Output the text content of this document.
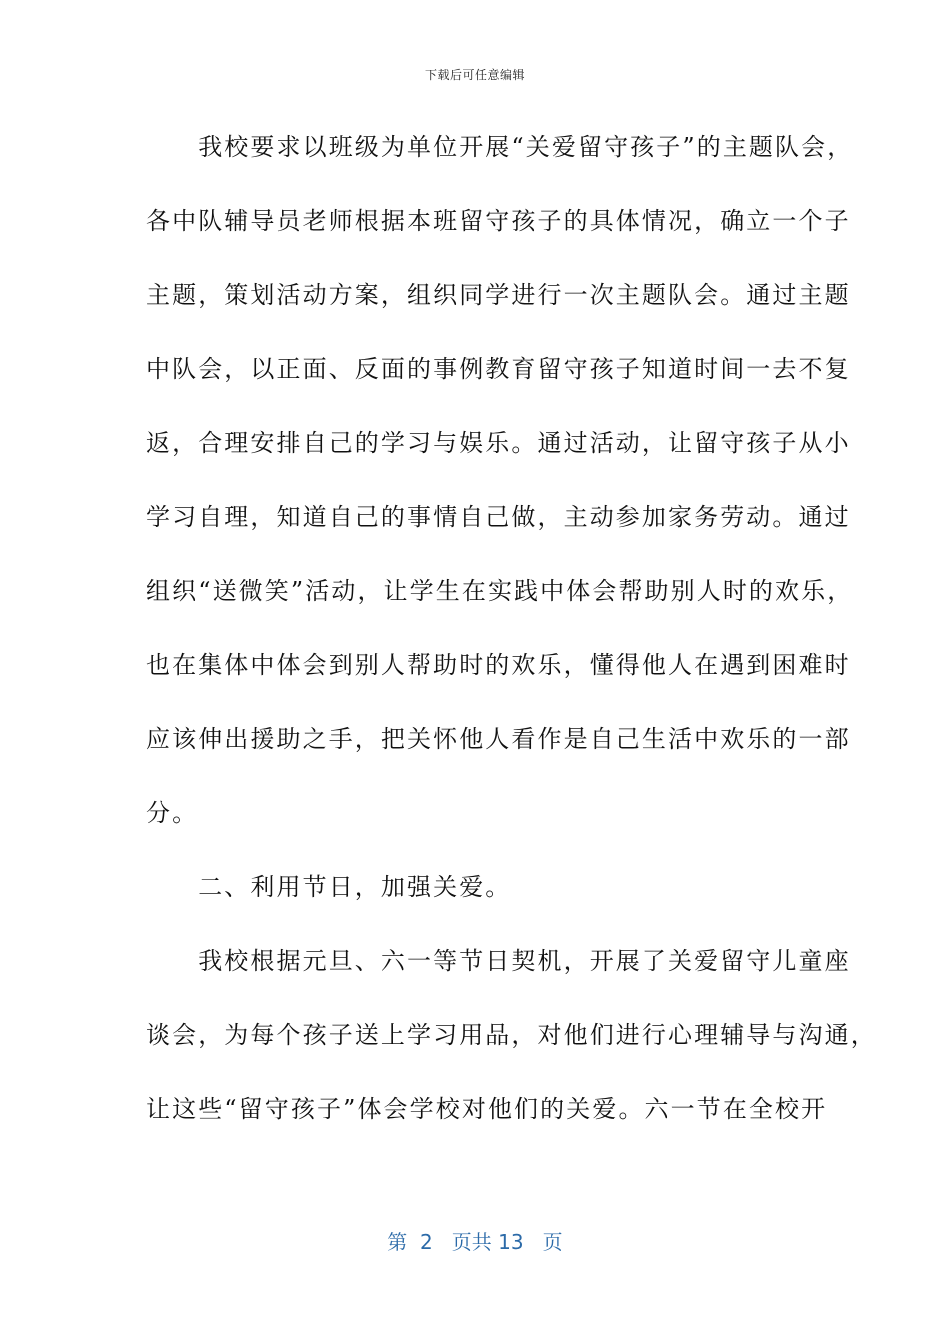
下载后可任意编辑
　　我校要求以班级为单位开展“关爱留守孩子”的主题队会，
各中队辅导员老师根据本班留守孩子的具体情况，确立一个子
主题，策划活动方案，组织同学进行一次主题队会。通过主题
中队会，以正面、反面的事例教育留守孩子知道时间一去不复
返，合理安排自己的学习与娱乐。通过活动，让留守孩子从小
学习自理，知道自己的事情自己做，主动参加家务劳动。通过
组织“送微笑”活动，让学生在实践中体会帮助别人时的欢乐，
也在集体中体会到别人帮助时的欢乐，懂得他人在遇到困难时
应该伸出援助之手，把关怀他人看作是自己生活中欢乐的一部
分。
　　二、利用节日，加强关爱。
　　我校根据元旦、六一等节日契机，开展了关爱留守儿童座
谈会，为每个孩子送上学习用品，对他们进行心理辅导与沟通，
让这些“留守孩子”体会学校对他们的关爱。六一节在全校开
第  2   页共 13   页
